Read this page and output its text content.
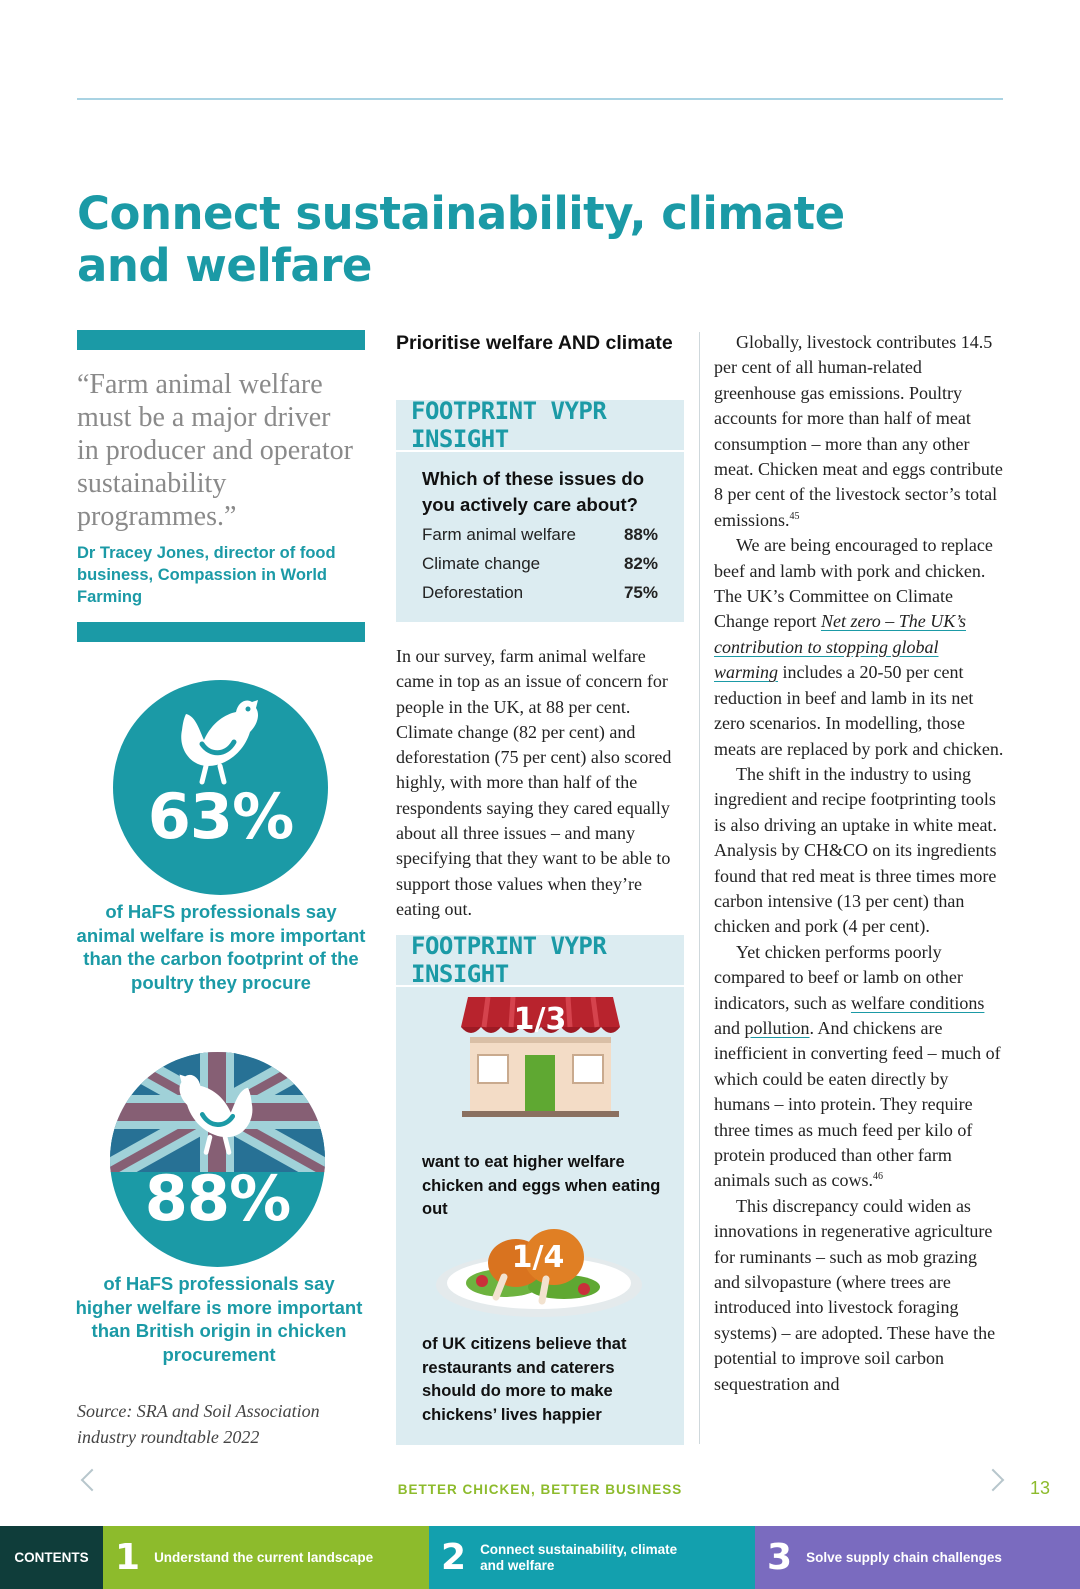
Connect sustainability, climate and welfare
“Farm animal welfare must be a major driver in producer and operator sustainability programmes.”
Dr Tracey Jones, director of food business, Compassion in World Farming
63%
of HaFS professionals say animal welfare is more important than the carbon footprint of the poultry they procure
88%
of HaFS professionals say higher welfare is more important than British origin in chicken procurement
Source: SRA and Soil Association industry roundtable 2022
Prioritise welfare AND climate
FOOTPRINT VYPR INSIGHT
Which of these issues do you actively care about?
Farm animal welfare	88%
Climate change	82%
Deforestation	75%
In our survey, farm animal welfare came in top as an issue of concern for people in the UK, at 88 per cent. Climate change (82 per cent) and deforestation (75 per cent) also scored highly, with more than half of the respondents saying they cared equally about all three issues – and many specifying that they want to be able to support those values when they’re eating out.
FOOTPRINT VYPR INSIGHT
1/3
want to eat higher welfare chicken and eggs when eating out
1/4
of UK citizens believe that restaurants and caterers should do more to make chickens’ lives happier

Globally, livestock contributes 14.5 per cent of all human-related greenhouse gas emissions. Poultry accounts for more than half of meat consumption – more than any other meat. Chicken meat and eggs contribute 8 per cent of the livestock sector’s total emissions.$^{45}$

We are being encouraged to replace beef and lamb with pork and chicken. The UK’s Committee on Climate Change report Net zero – The UK’s contribution to stopping global warming includes a 20-50 per cent reduction in beef and lamb in its net zero scenarios. In modelling, those meats are replaced by pork and chicken.

The shift in the industry to using ingredient and recipe footprinting tools is also driving an uptake in white meat. Analysis by CH&CO on its ingredients found that red meat is three times more carbon intensive (13 per cent) than chicken and pork (4 per cent).

Yet chicken performs poorly compared to beef or lamb on other indicators, such as welfare conditions and pollution. And chickens are inefficient in converting feed – much of which could be eaten directly by humans – into protein. They require three times as much feed per kilo of protein produced than other farm animals such as cows.$^{46}$

This discrepancy could widen as innovations in regenerative agriculture for ruminants – such as mob grazing and silvopasture (where trees are introduced into livestock foraging systems) – are adopted. These have the potential to improve soil carbon sequestration and

BETTER CHICKEN, BETTER BUSINESS	13
CONTENTS 1 Understand the current landscape 2 Connect sustainability, climate and welfare	3 Solve supply chain challenges
